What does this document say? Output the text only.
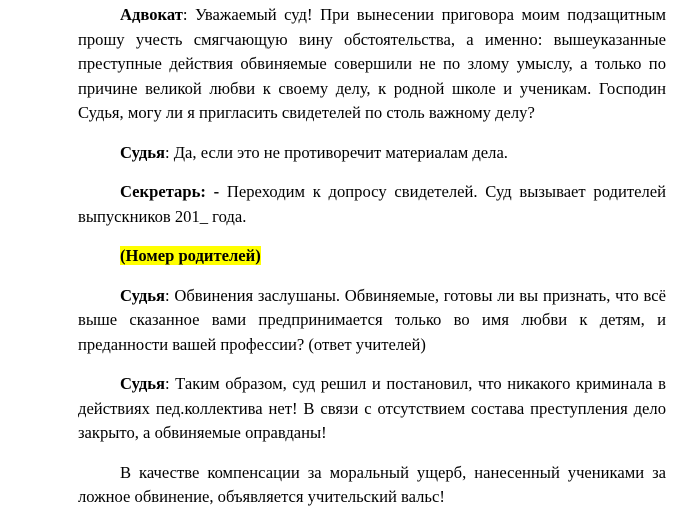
Адвокат: Уважаемый суд! При вынесении приговора моим подзащитным прошу учесть смягчающую вину обстоятельства, а именно: вышеуказанные преступные действия обвиняемые совершили не по злому умыслу, а только по причине великой любви к своему делу, к родной школе и ученикам. Господин Судья, могу ли я пригласить свидетелей по столь важному делу?

Судья: Да, если это не противоречит материалам дела.

Секретарь: - Переходим к допросу свидетелей. Суд вызывает родителей выпускников 201_ года.

(Номер родителей)

Судья: Обвинения заслушаны. Обвиняемые, готовы ли вы признать, что всё выше сказанное вами предпринимается только во имя любви к детям, и преданности вашей профессии? (ответ учителей)

Судья: Таким образом, суд решил и постановил, что никакого криминала в действиях пед.коллектива нет! В связи с отсутствием состава преступления дело закрыто, а обвиняемые оправданы!

В качестве компенсации за моральный ущерб, нанесенный учениками за ложное обвинение, объявляется учительский вальс!
